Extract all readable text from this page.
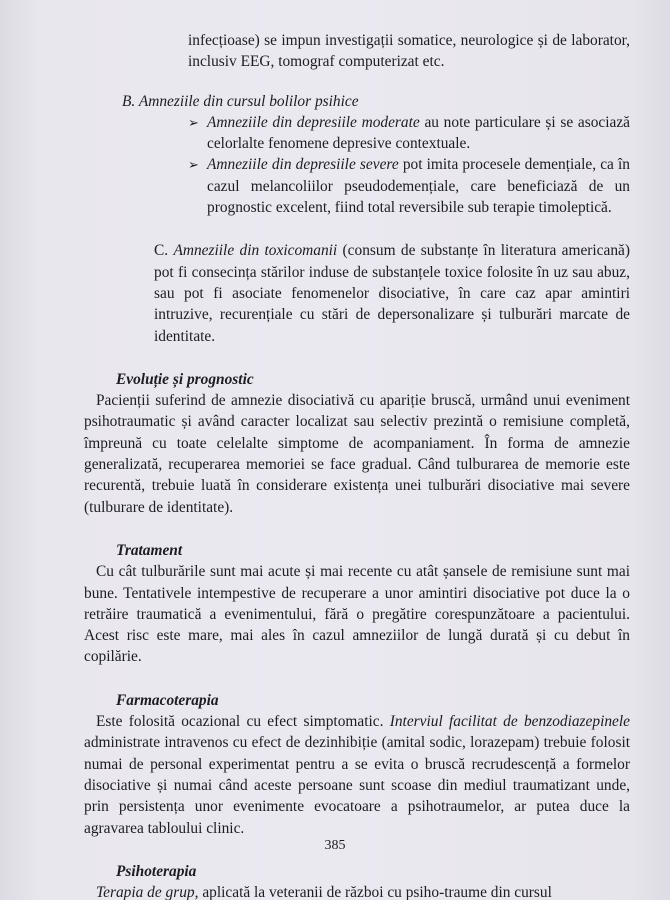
infecțioase) se impun investigații somatice, neurologice și de laborator, inclusiv EEG, tomograf computerizat etc.

B. Amneziile din cursul bolilor psihice

➢ Amneziile din depresiile moderate au note particulare și se asociază celorlalte fenomene depresive contextuale.

➢ Amneziile din depresiile severe pot imita procesele demențiale, ca în cazul melancoliilor pseudodemențiale, care beneficiază de un prognostic excelent, fiind total reversibile sub terapie timoleptică.

C. Amneziile din toxicomanii (consum de substanțe în literatura americană) pot fi consecința stărilor induse de substanțele toxice folosite în uz sau abuz, sau pot fi asociate fenomenelor disociative, în care caz apar amintiri intruzive, recurențiale cu stări de depersonalizare și tulburări marcate de identitate.

Evoluție și prognostic

Pacienții suferind de amnezie disociativă cu apariție bruscă, urmând unui eveniment psihotraumatic și având caracter localizat sau selectiv prezintă o remisiune completă, împreună cu toate celelalte simptome de acompaniament. În forma de amnezie generalizată, recuperarea memoriei se face gradual. Când tulburarea de memorie este recurentă, trebuie luată în considerare existența unei tulburări disociative mai severe (tulburare de identitate).

Tratament

Cu cât tulburările sunt mai acute și mai recente cu atât șansele de remisiune sunt mai bune. Tentativele intempestive de recuperare a unor amintiri disociative pot duce la o retrăire traumatică a evenimentului, fără o pregătire corespunzătoare a pacientului. Acest risc este mare, mai ales în cazul amneziilor de lungă durată și cu debut în copilărie.

Farmacoterapia

Este folosită ocazional cu efect simptomatic. Interviul facilitat de benzodiazepinele administrate intravenos cu efect de dezinhibiție (amital sodic, lorazepam) trebuie folosit numai de personal experimentat pentru a se evita o bruscă recrudescență a formelor disociative și numai când aceste persoane sunt scoase din mediul traumatizant unde, prin persistența unor evenimente evocatoare a psihotraumelor, ar putea duce la agravarea tabloului clinic.

Psihoterapia

Terapia de grup, aplicată la veteranii de război cu psiho-traume din cursul

385
